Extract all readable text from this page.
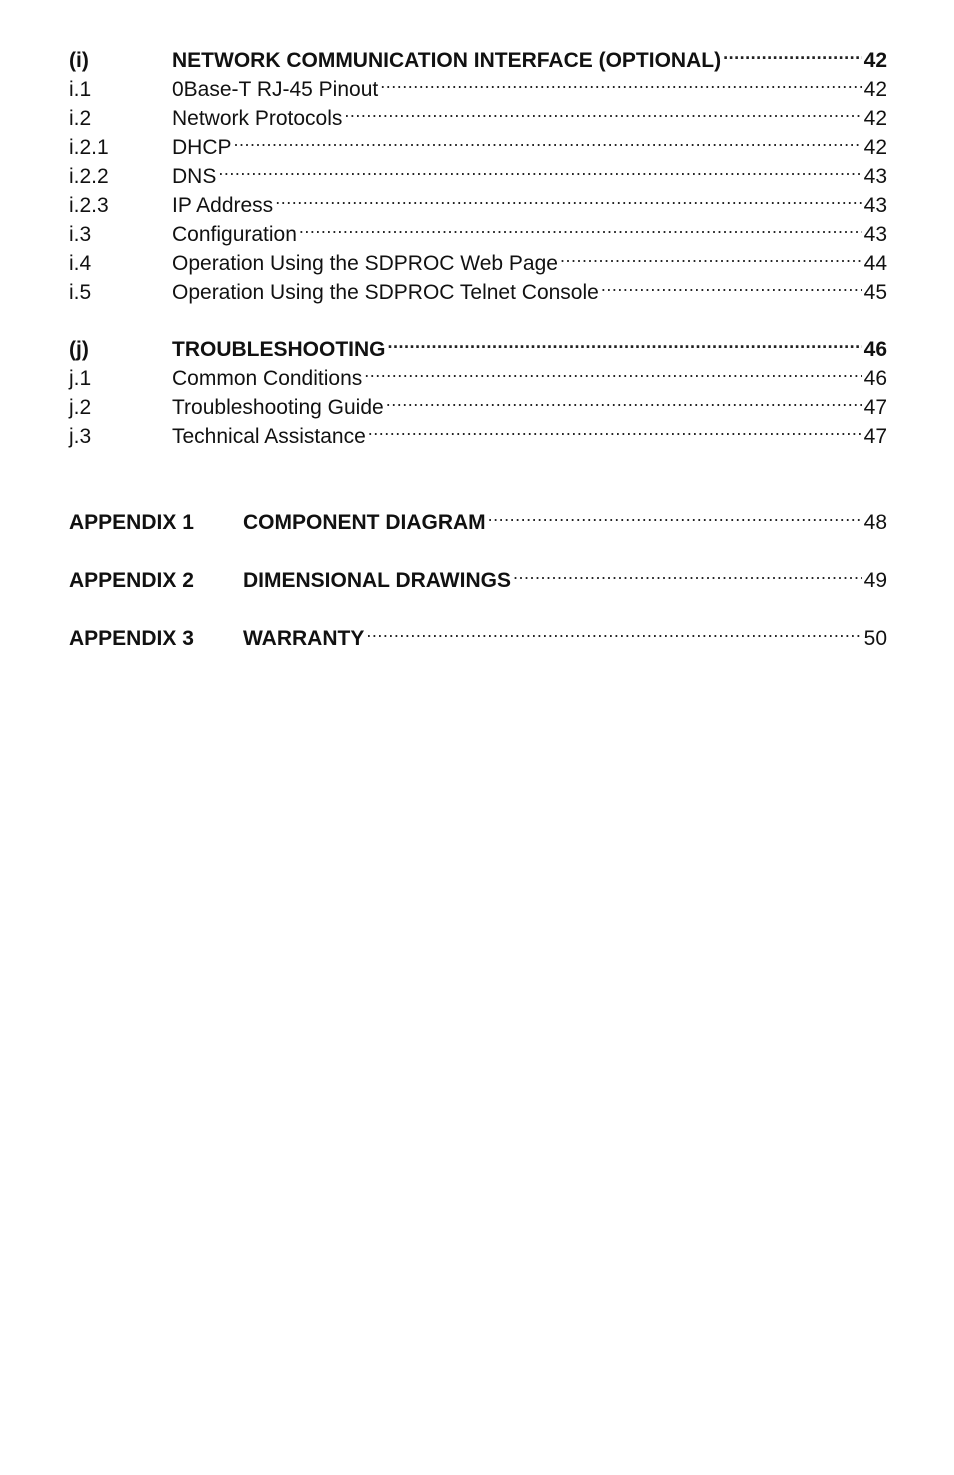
(i)	NETWORK COMMUNICATION INTERFACE (OPTIONAL) .....	42
i.1	0Base-T RJ-45 Pinout .....	42
i.2	Network Protocols .....	42
i.2.1	DHCP .....	42
i.2.2	DNS .....	43
i.2.3	IP Address .....	43
i.3	Configuration .....	43
i.4	Operation Using the SDPROC Web Page .....	44
i.5	Operation Using the SDPROC Telnet Console .....	45
(j)	TROUBLESHOOTING .....	46
j.1	Common Conditions .....	46
j.2	Troubleshooting Guide .....	47
j.3	Technical Assistance .....	47
APPENDIX 1	COMPONENT DIAGRAM .....	48
APPENDIX 2	DIMENSIONAL DRAWINGS .....	49
APPENDIX 3	WARRANTY .....	50
